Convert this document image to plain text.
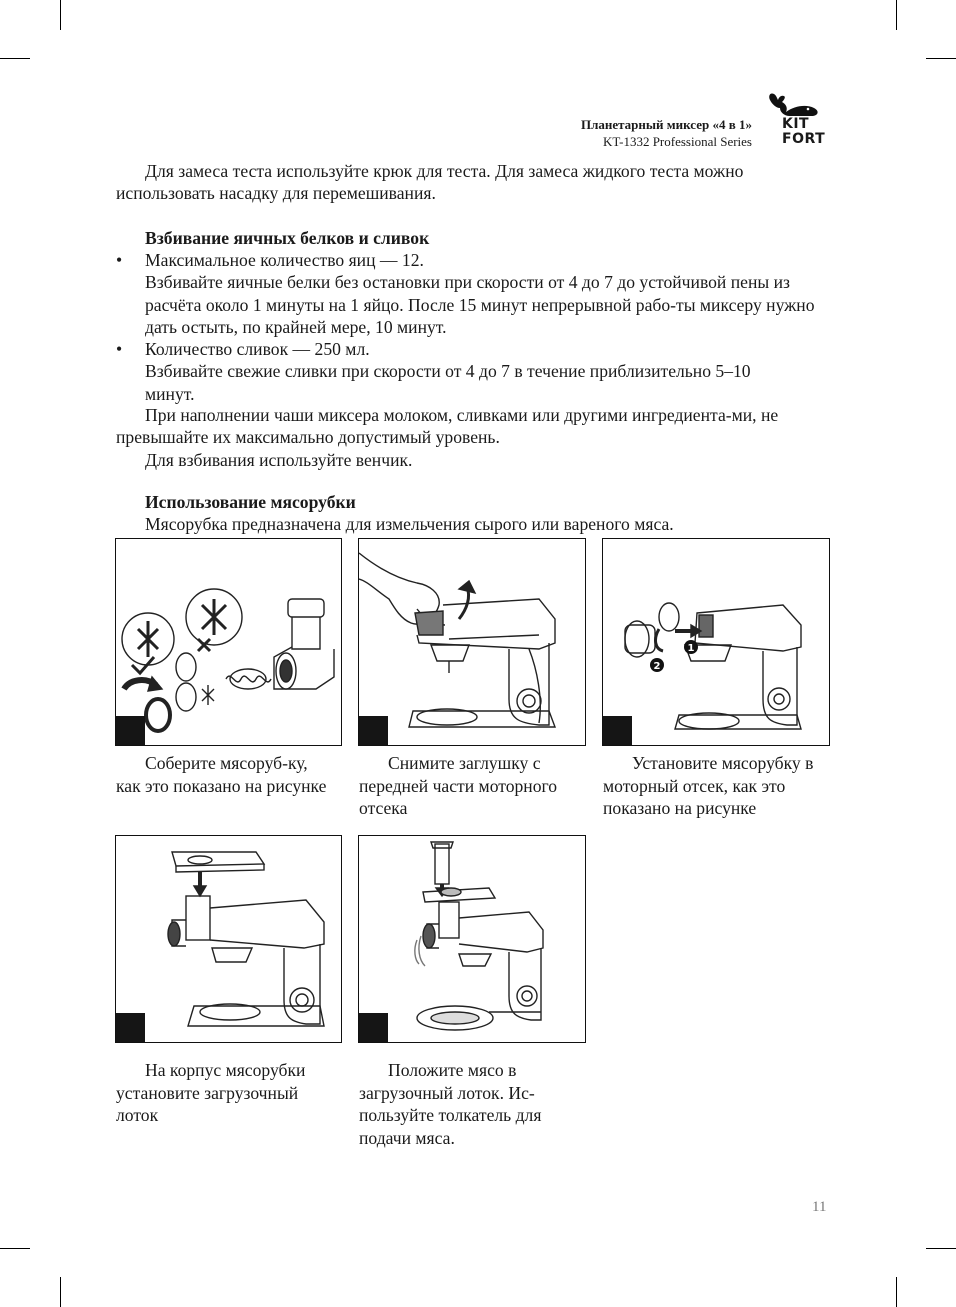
Планетарный миксер «4 в 1»
KT-1332 Professional Series
KIT
FORT
Для замеса теста используйте крюк для теста. Для замеса жидкого теста можно
использовать насадку для перемешивания.
Взбивание яичных белков и сливок
•	Максимальное количество яиц — 12.
Взбивайте яичные белки без остановки при скорости от 4 до 7 до устойчивой пены из расчёта около 1 минуты на 1 яйцо. После 15 минут непрерывной рабо-ты миксеру нужно дать остыть, по крайней мере, 10 минут.
•	Количество сливок — 250 мл.
Взбивайте свежие сливки при скорости от 4 до 7 в течение приблизительно 5–10 минут.
При наполнении чаши миксера молоком, сливками или другими ингредиента-ми, не превышайте их максимально допустимый уровень.
Для взбивания используйте венчик.
Использование мясорубки
Мясорубка предназначена для измельчения сырого или вареного мяса.
1
2
Соберите мясоруб-ку, как это показано на рисунке
Снимите заглушку с передней части моторного отсека
Установите мясорубку в моторный отсек, как это показано на рисунке
На корпус мясорубки установите загрузочный лоток
Положите мясо в загрузочный лоток. Ис-пользуйте толкатель для подачи мяса.
11
